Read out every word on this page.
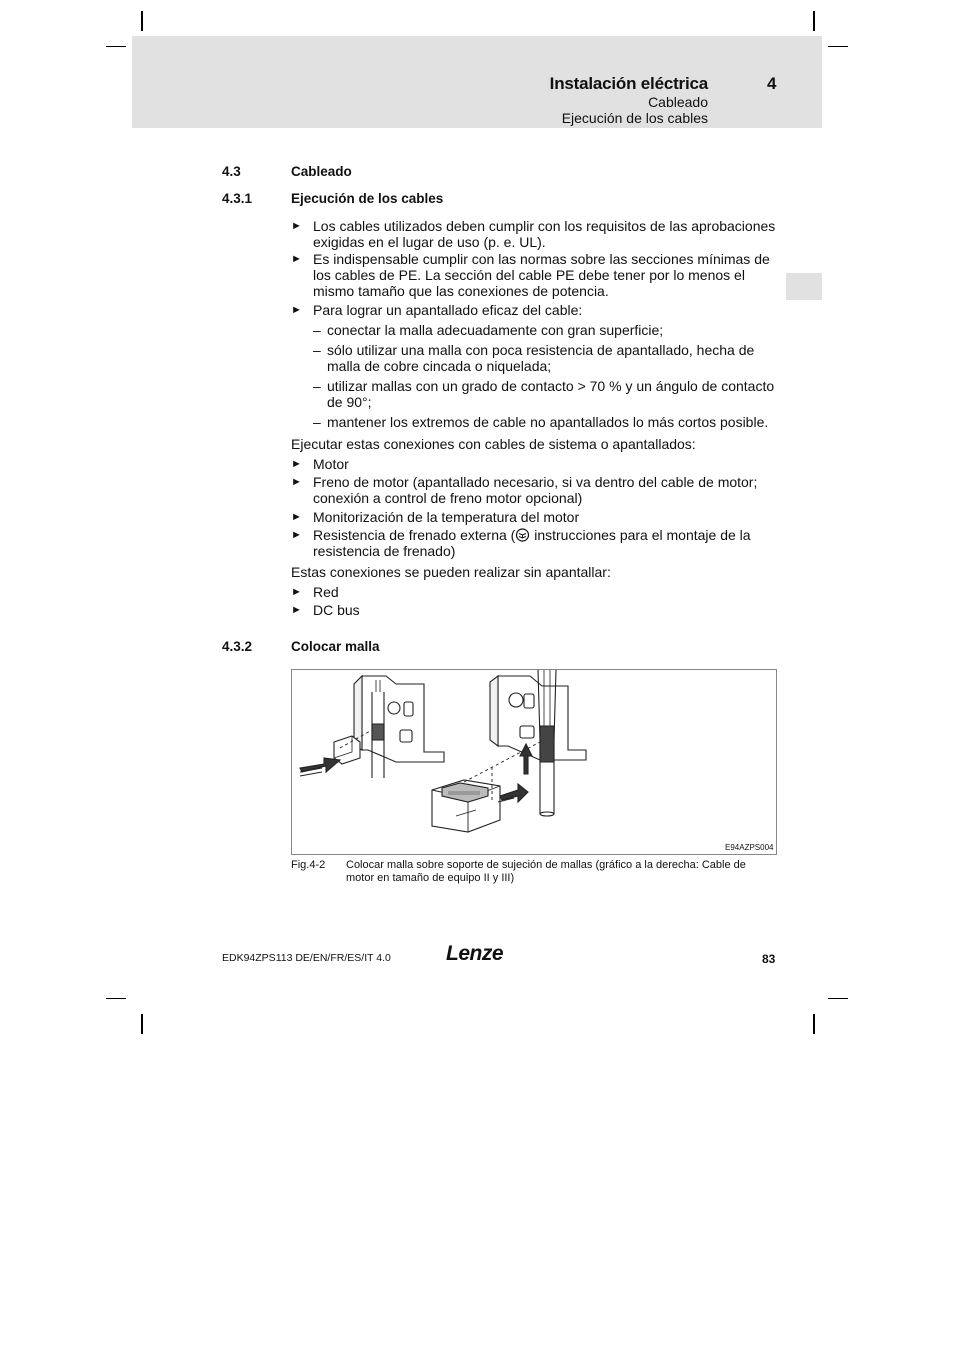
Instalación eléctrica	4
Cableado
Ejecución de los cables
4.3	Cableado
4.3.1	Ejecución de los cables
► Los cables utilizados deben cumplir con los requisitos de las aprobaciones exigidas en el lugar de uso (p. e. UL).
► Es indispensable cumplir con las normas sobre las secciones mínimas de los cables de PE. La sección del cable PE debe tener por lo menos el mismo tamaño que las conexiones de potencia.
► Para lograr un apantallado eficaz del cable:
– conectar la malla adecuadamente con gran superficie;
– sólo utilizar una malla con poca resistencia de apantallado, hecha de malla de cobre cincada o niquelada;
– utilizar mallas con un grado de contacto > 70 % y un ángulo de contacto de 90°;
– mantener los extremos de cable no apantallados lo más cortos posible.
Ejecutar estas conexiones con cables de sistema o apantallados:
► Motor
► Freno de motor (apantallado necesario, si va dentro del cable de motor; conexión a control de freno motor opcional)
► Monitorización de la temperatura del motor
► Resistencia de frenado externa ( instrucciones para el montaje de la resistencia de frenado)
Estas conexiones se pueden realizar sin apantallar:
► Red
► DC bus
4.3.2	Colocar malla
E94AZPS004
Fig.4-2 Colocar malla sobre soporte de sujeción de mallas (gráfico a la derecha: Cable de motor en tamaño de equipo II y III)
EDK94ZPS113 DE/EN/FR/ES/IT 4.0	Lenze	83
